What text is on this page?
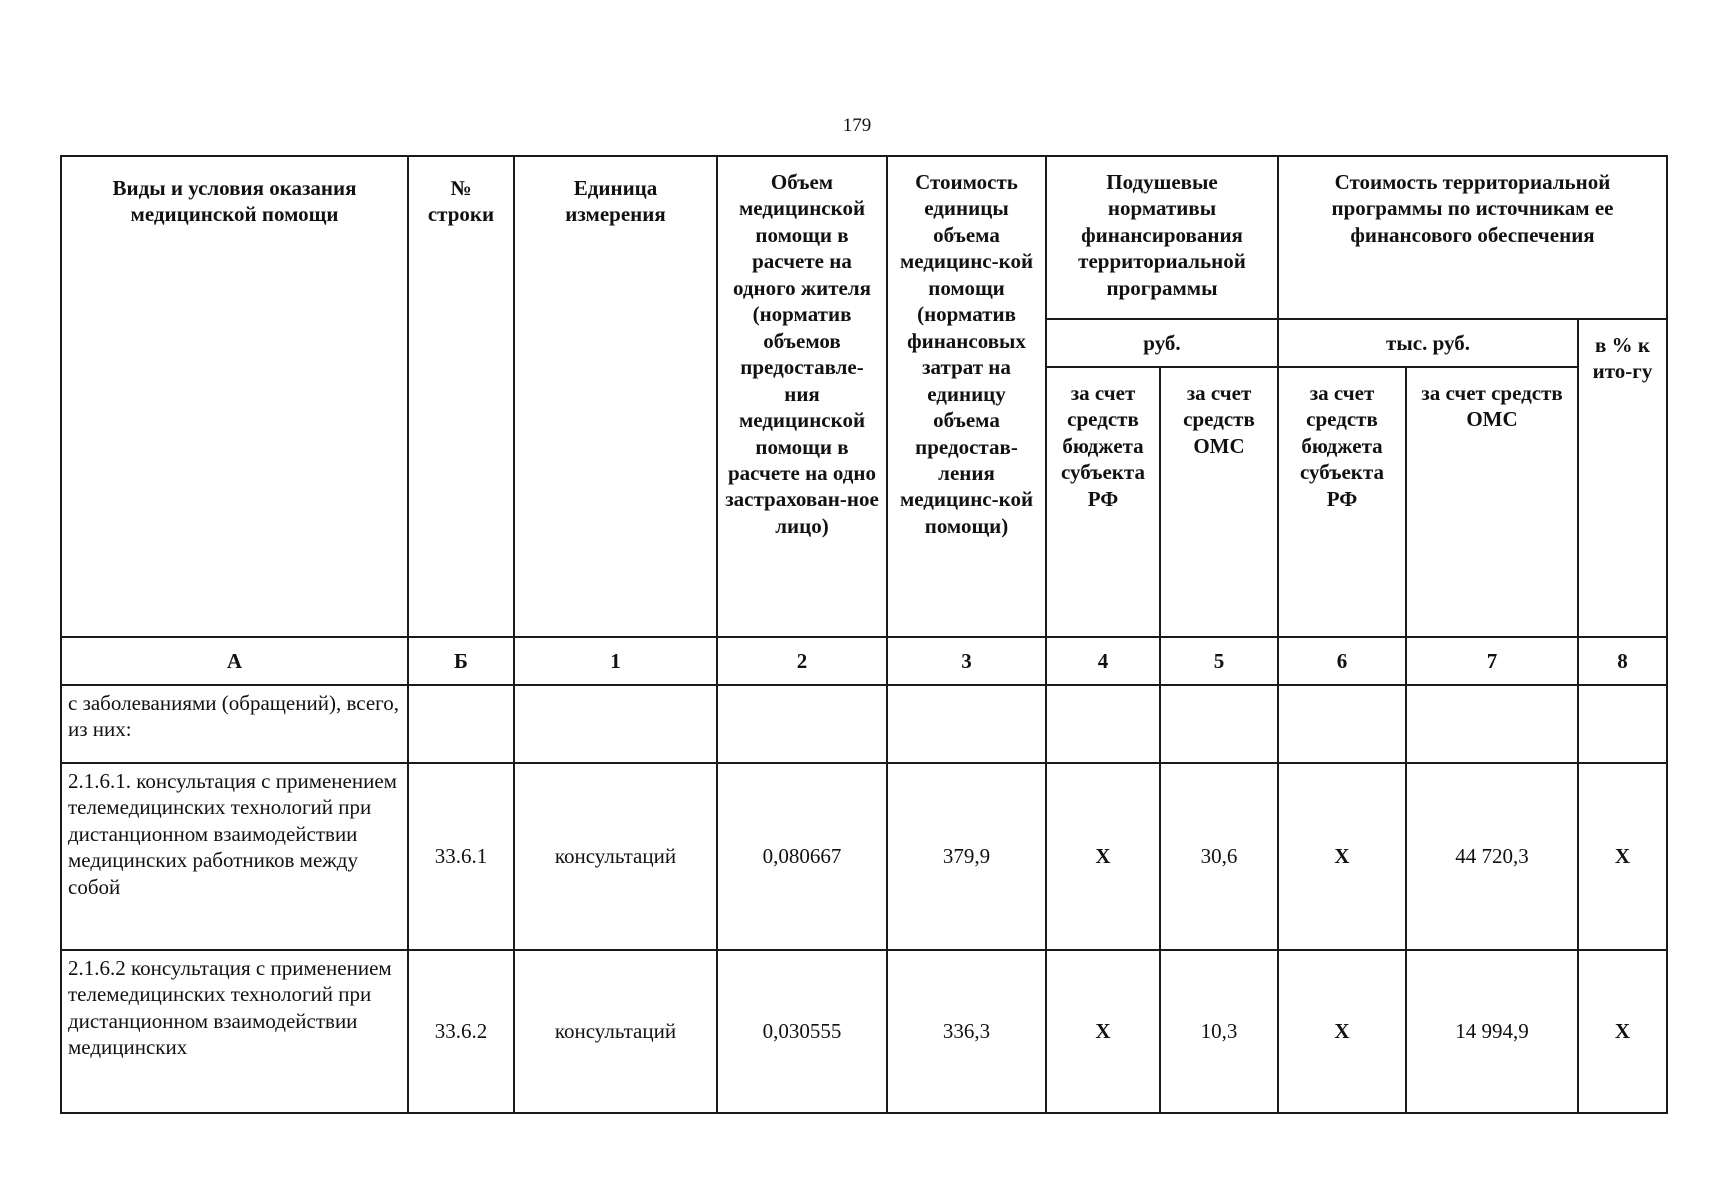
179
Виды и условия оказания медицинской помощи	№ строки	Единица измерения	Объем медицинской помощи в расчете на одного жителя (норматив объемов предоставле-ния медицинской помощи в расчете на одно застрахован-ное лицо)	Стоимость единицы объема медицинс-кой помощи (норматив финансовых затрат на единицу объема предостав-ления медицинс-кой помощи)	Подушевые нормативы финансирования территориальной программы		Стоимость территориальной программы по источникам ее финансового обеспечения		
					руб.		тыс. руб.		в % к ито-гу
					за счет средств бюджета субъекта РФ	за счет средств ОМС	за счет средств бюджета субъекта РФ	за счет средств ОМС	
А	Б	1	2	3	4	5	6	7	8
с заболеваниями (обращений), всего, из них:									
2.1.6.1. консультация с применением телемедицинских технологий при дистанционном взаимодействии медицинских работников между собой	33.6.1	консультаций	0,080667	379,9	X	30,6	X	44 720,3	X
2.1.6.2 консультация с применением телемедицинских технологий при дистанционном взаимодействии медицинских	33.6.2	консультаций	0,030555	336,3	X	10,3	X	14 994,9	X
